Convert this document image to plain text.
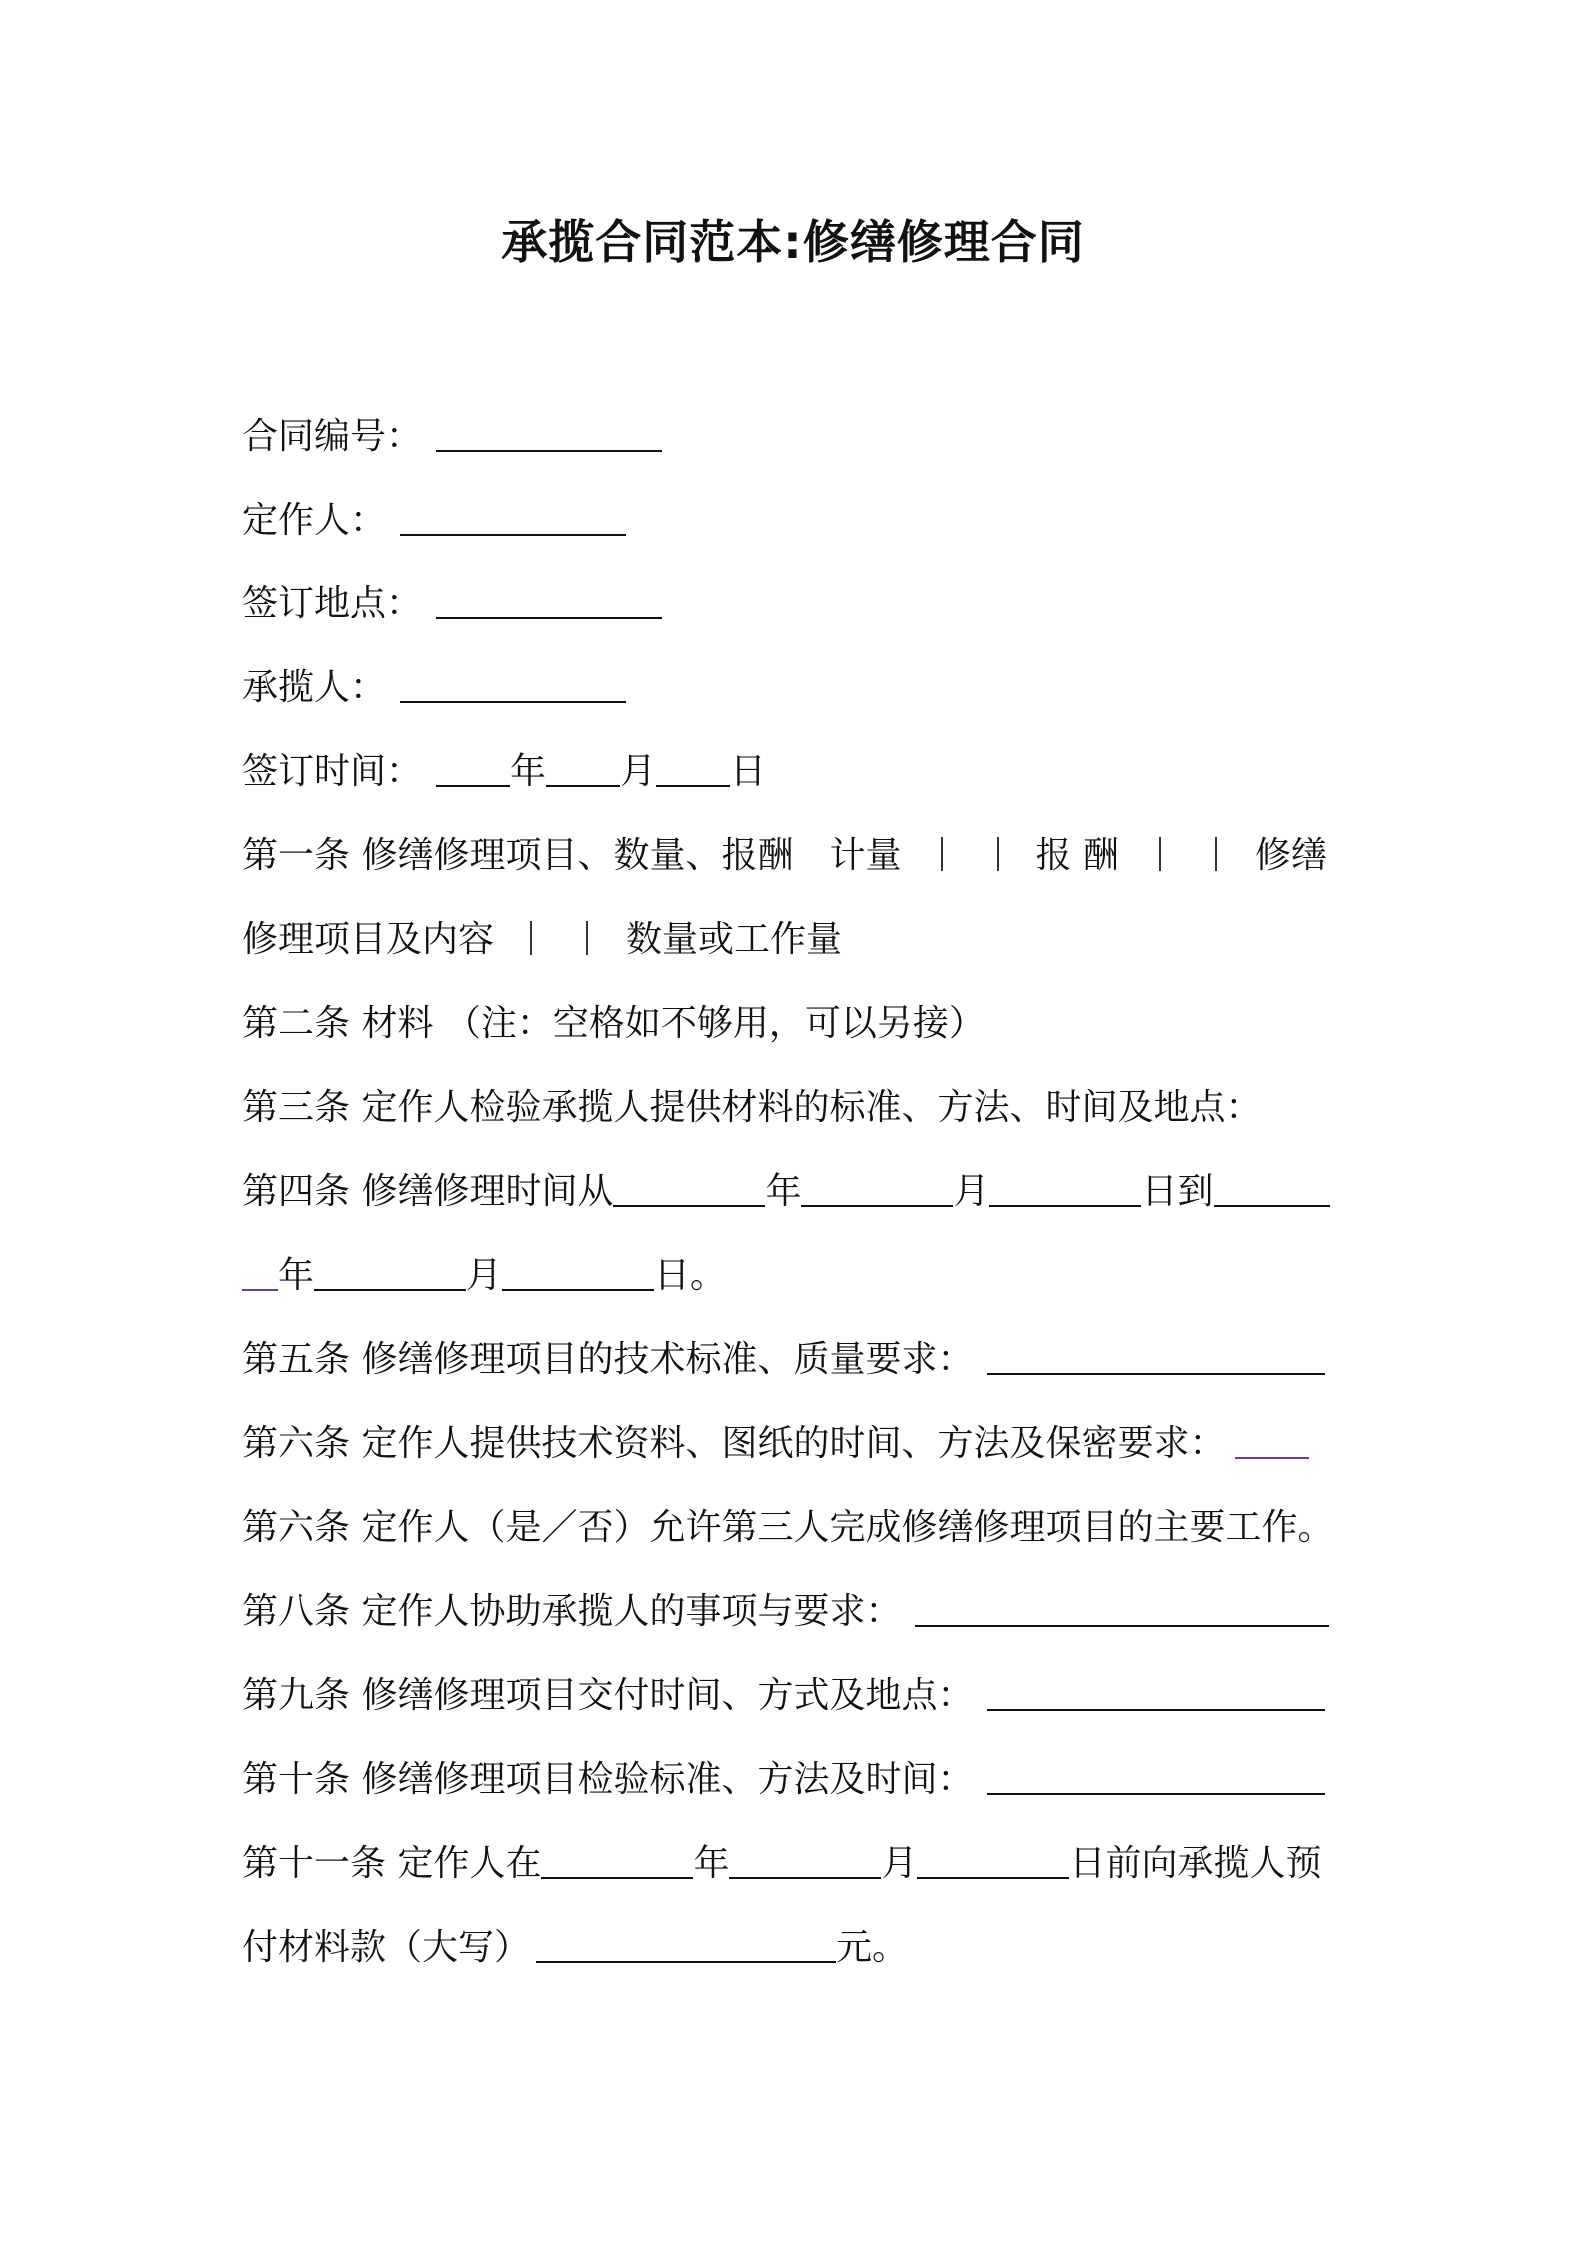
承揽合同范本:修缮修理合同
合同编号：
定作人：
签订地点：
承揽人：
签订时间： 年 月 日
第一条 修缮修理项目、数量、报酬 计量	报 酬	修缮
修理项目及内容	数量或工作量
第二条 材料 （注：空格如不够用，可以另接）
第三条 定作人检验承揽人提供材料的标准、方法、时间及地点：
第四条 修缮修理时间从	年	月	日到
年	月	日。
第五条 修缮修理项目的技术标准、质量要求：
第六条 定作人提供技术资料、图纸的时间、方法及保密要求：
第六条 定作人（是／否）允许第三人完成修缮修理项目的主要工作。
第八条 定作人协助承揽人的事项与要求：
第九条 修缮修理项目交付时间、方式及地点：
第十条 修缮修理项目检验标准、方法及时间：
第十一条 定作人在	年	月	日前向承揽人预
付材料款（大写）	元。
